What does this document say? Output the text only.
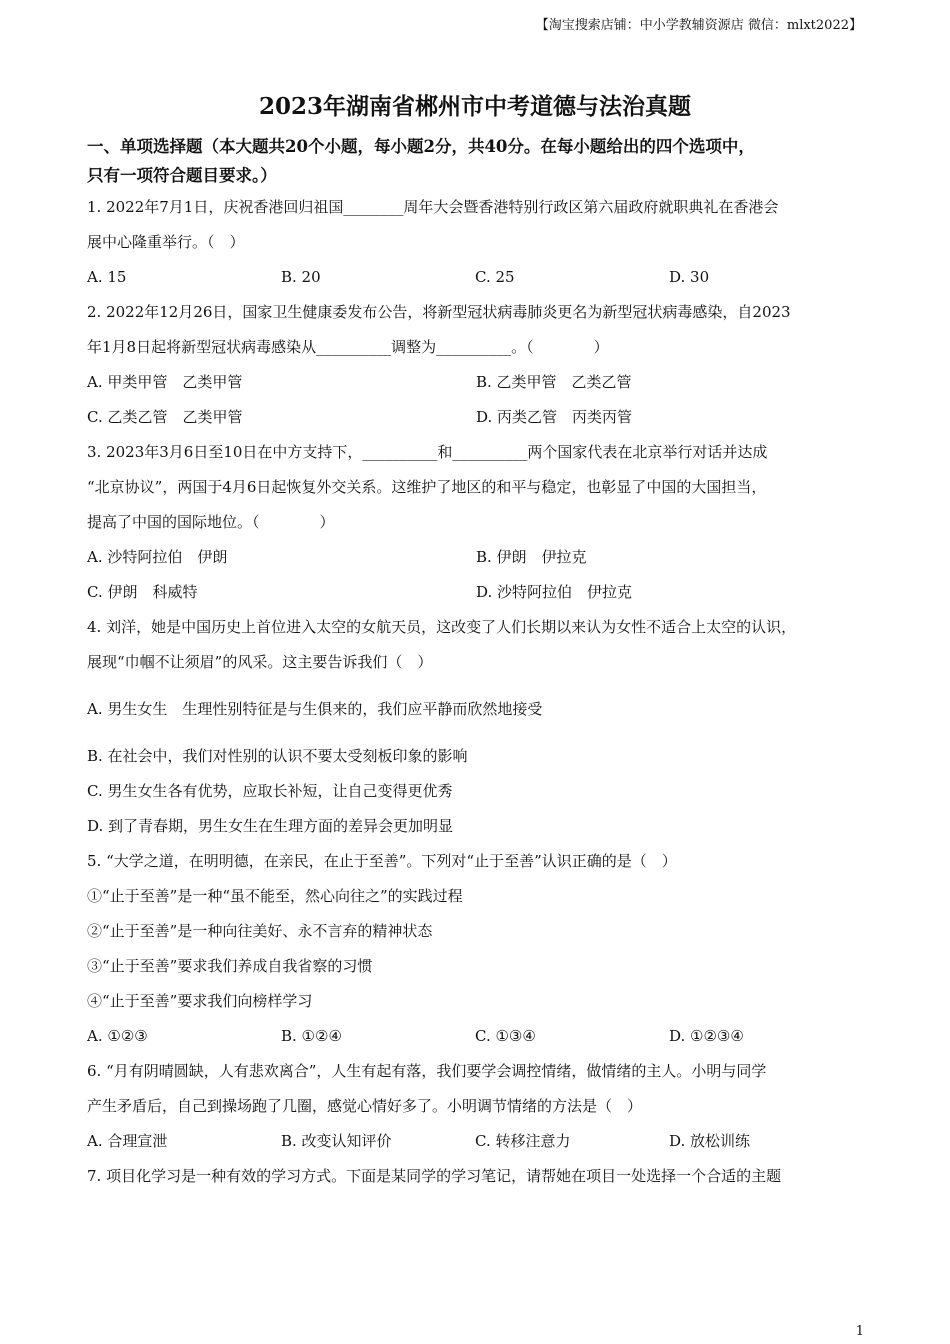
【淘宝搜索店铺：中小学教辅资源店 微信：mlxt2022】
2023年湖南省郴州市中考道德与法治真题

一、单项选择题（本大题共20个小题，每小题2分，共40分。在每小题给出的四个选项中，

只有一项符合题目要求。）

1. 2022年7月1日，庆祝香港回归祖国________周年大会暨香港特别行政区第六届政府就职典礼在香港会

展中心隆重举行。（　）

A. 15	B. 20	C. 25	D. 30

2. 2022年12月26日，国家卫生健康委发布公告，将新型冠状病毒肺炎更名为新型冠状病毒感染，自2023

年1月8日起将新型冠状病毒感染从__________调整为__________。（　　　　）

A. 甲类甲管　乙类甲管	B. 乙类甲管　乙类乙管
C. 乙类乙管　乙类甲管	D. 丙类乙管　丙类丙管

3. 2023年3月6日至10日在中方支持下，__________和__________两个国家代表在北京举行对话并达成

“北京协议”，两国于4月6日起恢复外交关系。这维护了地区的和平与稳定，也彰显了中国的大国担当，

提高了中国的国际地位。（　　　　）

A. 沙特阿拉伯　伊朗	B. 伊朗　伊拉克
C. 伊朗　科威特	D. 沙特阿拉伯　伊拉克

4. 刘洋，她是中国历史上首位进入太空的女航天员，这改变了人们长期以来认为女性不适合上太空的认识，

展现“巾帼不让须眉”的风采。这主要告诉我们（　）

A. 男生女生　生理性别特征是与生俱来的，我们应平静而欣然地接受

B. 在社会中，我们对性别的认识不要太受刻板印象的影响

C. 男生女生各有优势，应取长补短，让自己变得更优秀

D. 到了青春期，男生女生在生理方面的差异会更加明显

5. “大学之道，在明明德，在亲民，在止于至善”。下列对“止于至善”认识正确的是（　）

①“止于至善”是一种“虽不能至，然心向往之”的实践过程

②“止于至善”是一种向往美好、永不言弃的精神状态

③“止于至善”要求我们养成自我省察的习惯

④“止于至善”要求我们向榜样学习

A. ①②③	B. ①②④	C. ①③④	D. ①②③④

6. “月有阴晴圆缺，人有悲欢离合”，人生有起有落，我们要学会调控情绪，做情绪的主人。小明与同学

产生矛盾后，自己到操场跑了几圈，感觉心情好多了。小明调节情绪的方法是（　）

A. 合理宣泄	B. 改变认知评价	C. 转移注意力	D. 放松训练

7. 项目化学习是一种有效的学习方式。下面是某同学的学习笔记，请帮她在项目一处选择一个合适的主题

1
